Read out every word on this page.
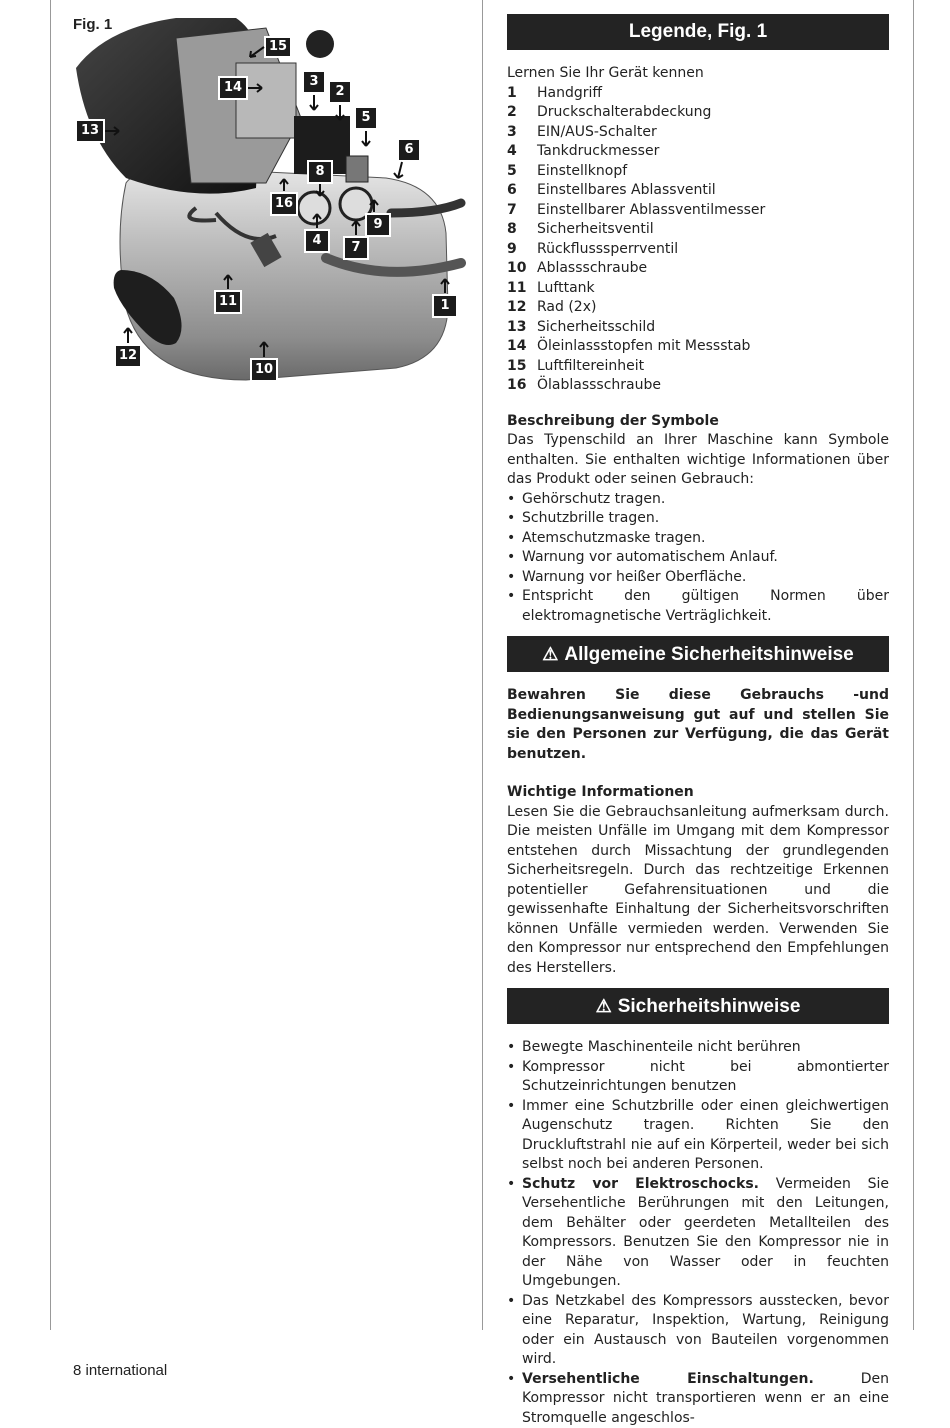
Fig. 1
15
14	3
2
5
13
6
8
16
9
4	7
11	1
12
10
Legende, Fig. 1
Lernen Sie Ihr Gerät kennen
1	Handgriff
2	Druckschalterabdeckung
3	EIN/AUS-Schalter
4	Tankdruckmesser
5	Einstellknopf
6	Einstellbares Ablassventil
7	Einstellbarer Ablassventilmesser
8	Sicherheitsventil
9	Rückflusssperrventil
10 Ablassschraube
11 Lufttank
12 Rad (2x)
13 Sicherheitsschild
14 Öleinlassstopfen mit Messstab
15 Luftfiltereinheit
16 Ölablassschraube
Beschreibung der Symbole
Das Typenschild an Ihrer Maschine kann Symbole enthalten. Sie enthalten wichtige Informationen über das Produkt oder seinen Gebrauch:
• Gehörschutz tragen.
• Schutzbrille tragen.
• Atemschutzmaske tragen.
• Warnung vor automatischem Anlauf.
• Warnung vor heißer Oberfläche.
• Entspricht den gültigen Normen über elektromagnetische Verträglichkeit.
⚠ Allgemeine Sicherheitshinweise
Bewahren Sie diese Gebrauchs -und Bedienungsanweisung gut auf und stellen Sie sie den Personen zur Verfügung, die das Gerät benutzen.
Wichtige Informationen
Lesen Sie die Gebrauchsanleitung aufmerksam durch. Die meisten Unfälle im Umgang mit dem Kompressor entstehen durch Missachtung der grundlegenden Sicherheitsregeln. Durch das rechtzeitige Erkennen potentieller Gefahrensituationen und die gewissenhafte Einhaltung der Sicherheitsvorschriften können Unfälle vermieden werden. Verwenden Sie den Kompressor nur entsprechend den Empfehlungen des Herstellers.
⚠ Sicherheitshinweise
• Bewegte Maschinenteile nicht berühren
• Kompressor nicht bei abmontierter Schutzeinrichtungen benutzen
• Immer eine Schutzbrille oder einen gleichwertigen Augenschutz tragen. Richten Sie den Druckluftstrahl nie auf ein Körperteil, weder bei sich selbst noch bei anderen Personen.
• Schutz vor Elektroschocks. Vermeiden Sie Versehentliche Berührungen mit den Leitungen, dem Behälter oder geerdeten Metallteilen des Kompressors. Benutzen Sie den Kompressor nie in der Nähe von Wasser oder in feuchten Umgebungen.
• Das Netzkabel des Kompressors ausstecken, bevor eine Reparatur, Inspektion, Wartung, Reinigung oder ein Austausch von Bauteilen vorgenommen wird.
• Versehentliche Einschaltungen. Den Kompressor nicht transportieren wenn er an eine Stromquelle angeschlos-
8 international
